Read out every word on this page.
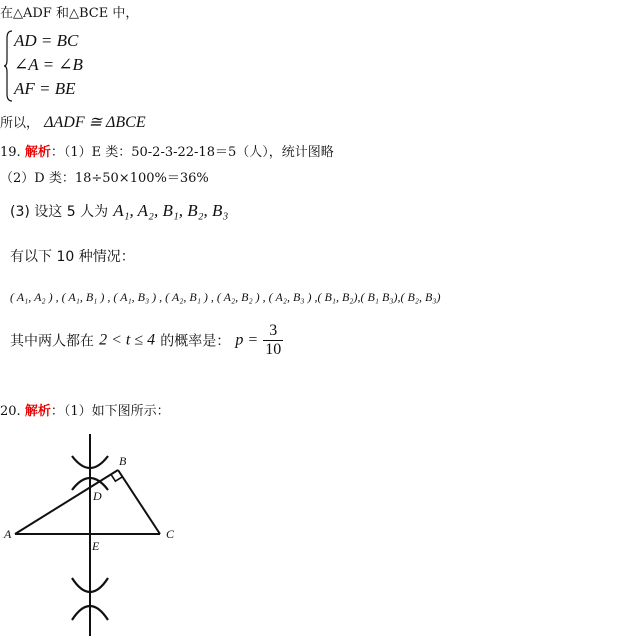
在△ADF 和△BCE 中，
AD = BC
∠A = ∠B
AF = BE
所以， ΔADF ≅ ΔBCE
19. 解析：（1）E 类：50-2-3-22-18＝5（人），统计图略
（2）D 类：18÷50×100%＝36%
(3) 设这 5 人为 A₁, A₂, B₁, B₂, B₃
有以下 10 种情况：
( A₁, A₂ ) , ( A₁, B₁ ) , ( A₁, B₃ ) , ( A₂, B₁ ) , ( A₂, B₂ ) , ( A₂, B₃ ) ,( B₁, B₂),( B₁ B₃),( B₂, B₃)
其中两人都在 2 < t ≤ 4 的概率是： $p = \frac{3}{10}$
20. 解析：（1）如下图所示：
A
B
C
D
E
